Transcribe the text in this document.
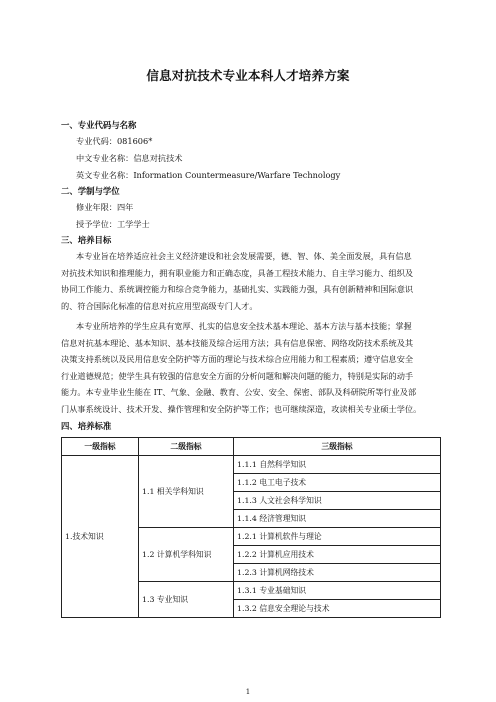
信息对抗技术专业本科人才培养方案
一、专业代码与名称
专业代码：081606*
中文专业名称：信息对抗技术
英文专业名称：Information Countermeasure/Warfare Technology
二、学制与学位
修业年限：四年
授予学位：工学学士
三、培养目标
本专业旨在培养适应社会主义经济建设和社会发展需要，德、智、体、美全面发展，具有信息
对抗技术知识和推理能力，拥有职业能力和正确态度，具备工程技术能力、自主学习能力、组织及
协同工作能力、系统调控能力和综合竞争能力，基础扎实、实践能力强，具有创新精神和国际意识
的、符合国际化标准的信息对抗应用型高级专门人才。
本专业所培养的学生应具有宽厚、扎实的信息安全技术基本理论、基本方法与基本技能；掌握
信息对抗基本理论、基本知识、基本技能及综合运用方法；具有信息保密、网络攻防技术系统及其
决策支持系统以及民用信息安全防护等方面的理论与技术综合应用能力和工程素质；遵守信息安全
行业道德规范；使学生具有较强的信息安全方面的分析问题和解决问题的能力，特别是实际的动手
能力。本专业毕业生能在 IT、气象、金融、教育、公安、安全、保密、部队及科研院所等行业及部
门从事系统设计、技术开发、操作管理和安全防护等工作；也可继续深造，攻读相关专业硕士学位。
四、培养标准
一级指标	二级指标	三级指标
1.技术知识	1.1 相关学科知识	1.1.1 自然科学知识
		1.1.2 电工电子技术
		1.1.3 人文社会科学知识
		1.1.4 经济管理知识
	1.2 计算机学科知识	1.2.1 计算机软件与理论
		1.2.2 计算机应用技术
		1.2.3 计算机网络技术
	1.3 专业知识	1.3.1 专业基础知识
		1.3.2 信息安全理论与技术
1
